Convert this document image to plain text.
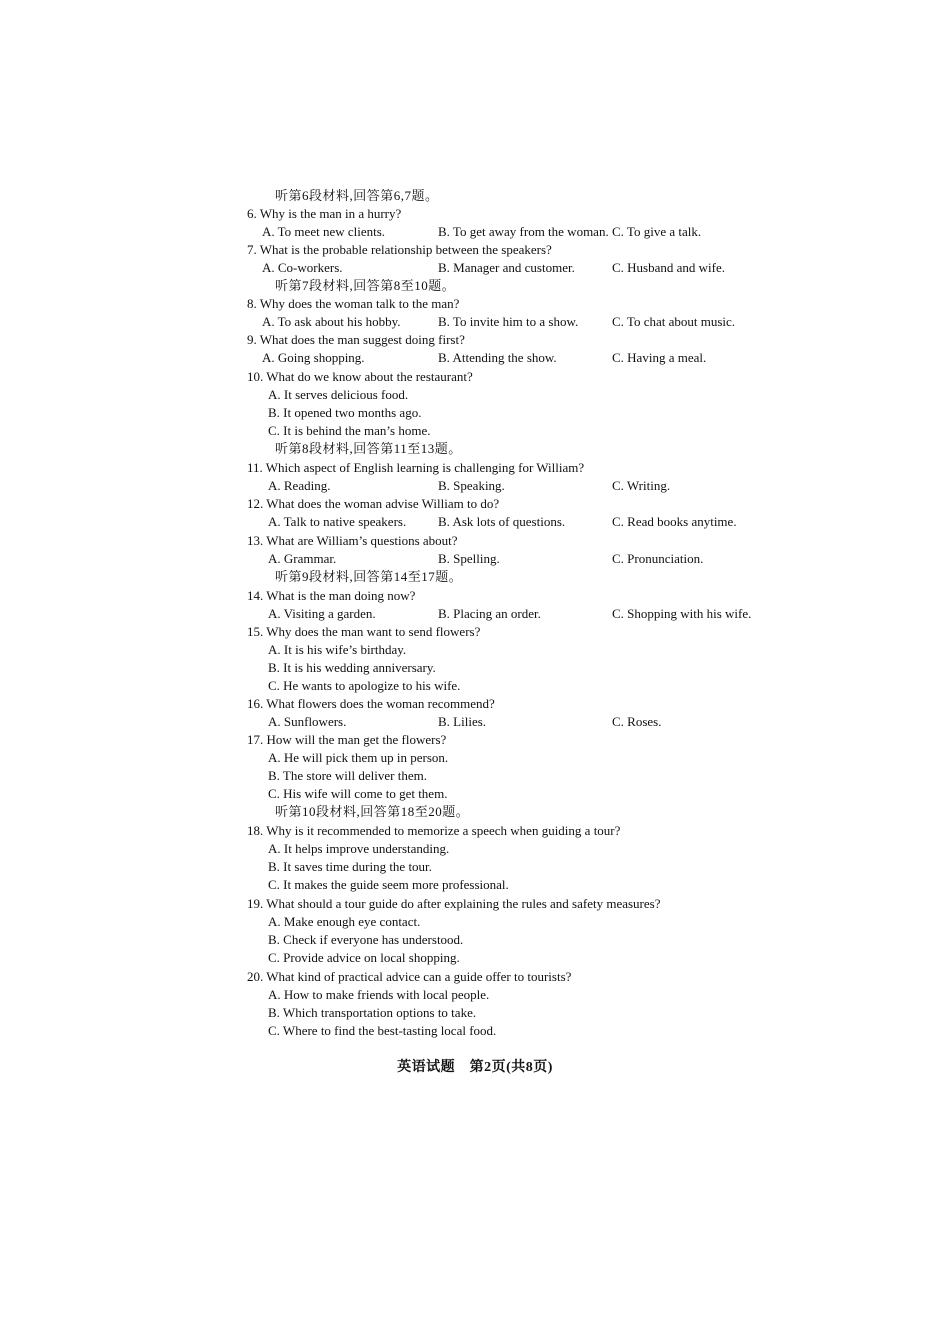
听第6段材料,回答第6,7题。
6. Why is the man in a hurry?
A. To meet new clients.	B. To get away from the woman. C. To give a talk.
7. What is the probable relationship between the speakers?
A. Co-workers.	B. Manager and customer.	C. Husband and wife.
听第7段材料,回答第8至10题。
8. Why does the woman talk to the man?
A. To ask about his hobby.	B. To invite him to a show.	C. To chat about music.
9. What does the man suggest doing first?
A. Going shopping.	B. Attending the show.	C. Having a meal.
10. What do we know about the restaurant?
A. It serves delicious food.
B. It opened two months ago.
C. It is behind the man’s home.
听第8段材料,回答第11至13题。
11. Which aspect of English learning is challenging for William?
A. Reading.	B. Speaking.	C. Writing.
12. What does the woman advise William to do?
A. Talk to native speakers. B. Ask lots of questions.	C. Read books anytime.
13. What are William’s questions about?
A. Grammar.	B. Spelling.	C. Pronunciation.
听第9段材料,回答第14至17题。
14. What is the man doing now?
A. Visiting a garden.	B. Placing an order.	C. Shopping with his wife.
15. Why does the man want to send flowers?
A. It is his wife’s birthday.
B. It is his wedding anniversary.
C. He wants to apologize to his wife.
16. What flowers does the woman recommend?
A. Sunflowers.	B. Lilies.	C. Roses.
17. How will the man get the flowers?
A. He will pick them up in person.
B. The store will deliver them.
C. His wife will come to get them.
听第10段材料,回答第18至20题。
18. Why is it recommended to memorize a speech when guiding a tour?
A. It helps improve understanding.
B. It saves time during the tour.
C. It makes the guide seem more professional.
19. What should a tour guide do after explaining the rules and safety measures?
A. Make enough eye contact.
B. Check if everyone has understood.
C. Provide advice on local shopping.
20. What kind of practical advice can a guide offer to tourists?
A. How to make friends with local people.
B. Which transportation options to take.
C. Where to find the best-tasting local food.
英语试题　第2页(共8页)
